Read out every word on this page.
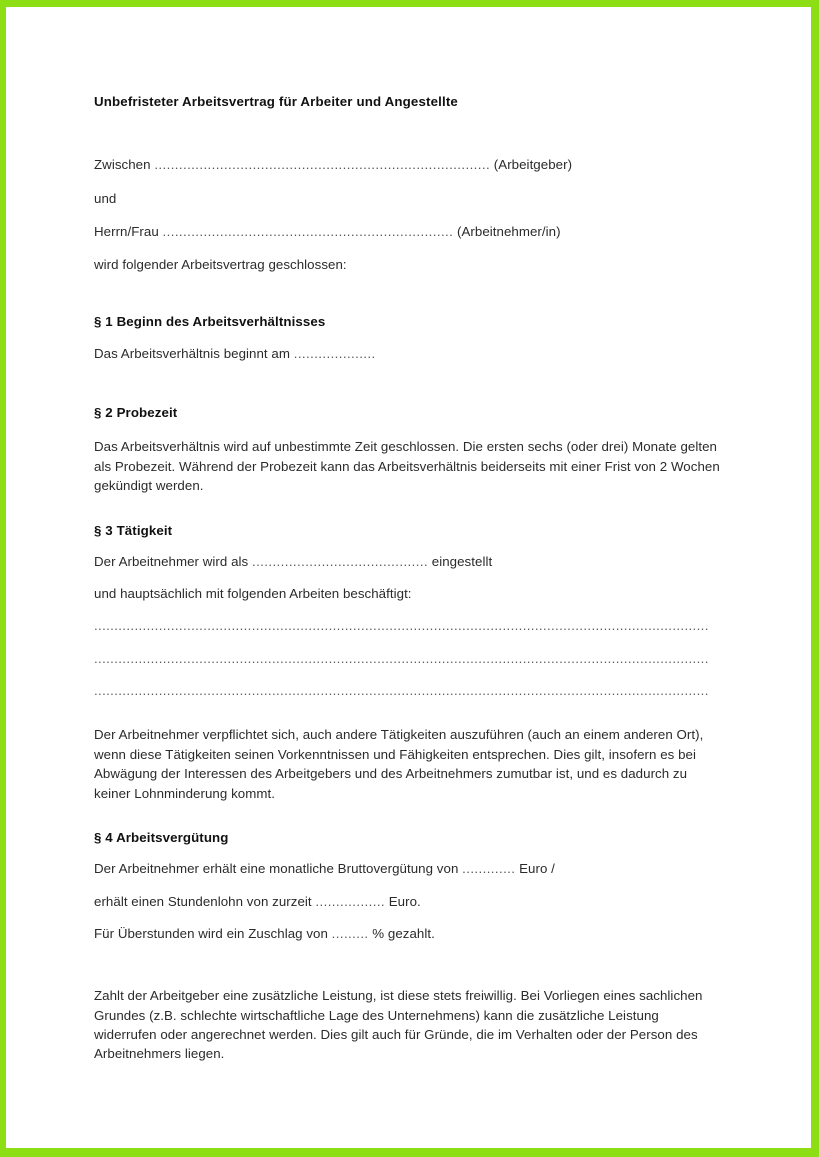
Unbefristeter Arbeitsvertrag für Arbeiter und Angestellte
Zwischen .................................................................................. (Arbeitgeber)
und
Herrn/Frau ....................................................................... (Arbeitnehmer/in)
wird folgender Arbeitsvertrag geschlossen:
§ 1 Beginn des Arbeitsverhältnisses
Das Arbeitsverhältnis beginnt am ....................
§ 2 Probezeit
Das Arbeitsverhältnis wird auf unbestimmte Zeit geschlossen. Die ersten sechs (oder drei) Monate gelten als Probezeit. Während der Probezeit kann das Arbeitsverhältnis beiderseits mit einer Frist von 2 Wochen gekündigt werden.
§ 3 Tätigkeit
Der Arbeitnehmer wird als ........................................... eingestellt
und hauptsächlich mit folgenden Arbeiten beschäftigt:
........................................................................................................................................................
........................................................................................................................................................
........................................................................................................................................................
Der Arbeitnehmer verpflichtet sich, auch andere Tätigkeiten auszuführen (auch an einem anderen Ort), wenn diese Tätigkeiten seinen Vorkenntnissen und Fähigkeiten entsprechen. Dies gilt, insofern es bei Abwägung der Interessen des Arbeitgebers und des Arbeitnehmers zumutbar ist, und es dadurch zu keiner Lohnminderung kommt.
§ 4 Arbeitsvergütung
Der Arbeitnehmer erhält eine monatliche Bruttovergütung von ............. Euro /
erhält einen Stundenlohn von zurzeit ................. Euro.
Für Überstunden wird ein Zuschlag von ......... % gezahlt.
Zahlt der Arbeitgeber eine zusätzliche Leistung, ist diese stets freiwillig. Bei Vorliegen eines sachlichen Grundes (z.B. schlechte wirtschaftliche Lage des Unternehmens) kann die zusätzliche Leistung widerrufen oder angerechnet werden. Dies gilt auch für Gründe, die im Verhalten oder der Person des Arbeitnehmers liegen.
